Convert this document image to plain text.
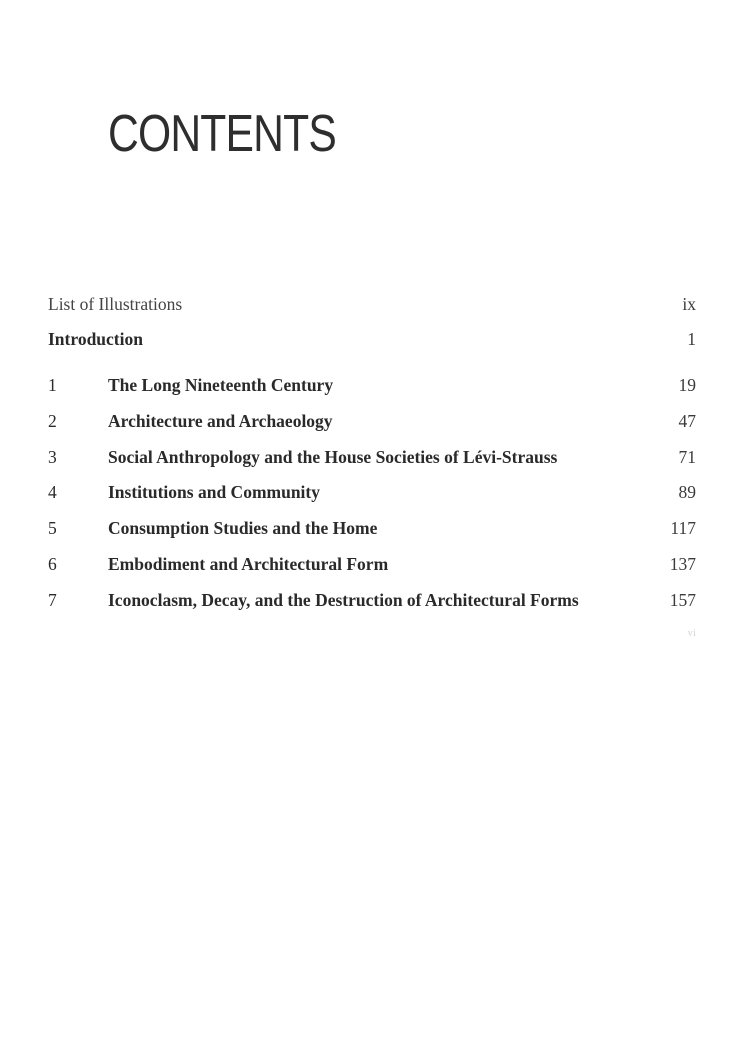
CONTENTS
List of Illustrations	ix
Introduction	1
1	The Long Nineteenth Century	19
2	Architecture and Archaeology	47
3	Social Anthropology and the House Societies of Lévi-Strauss	71
4	Institutions and Community	89
5	Consumption Studies and the Home	117
6	Embodiment and Architectural Form	137
7	Iconoclasm, Decay, and the Destruction of Architectural Forms	157
vi
